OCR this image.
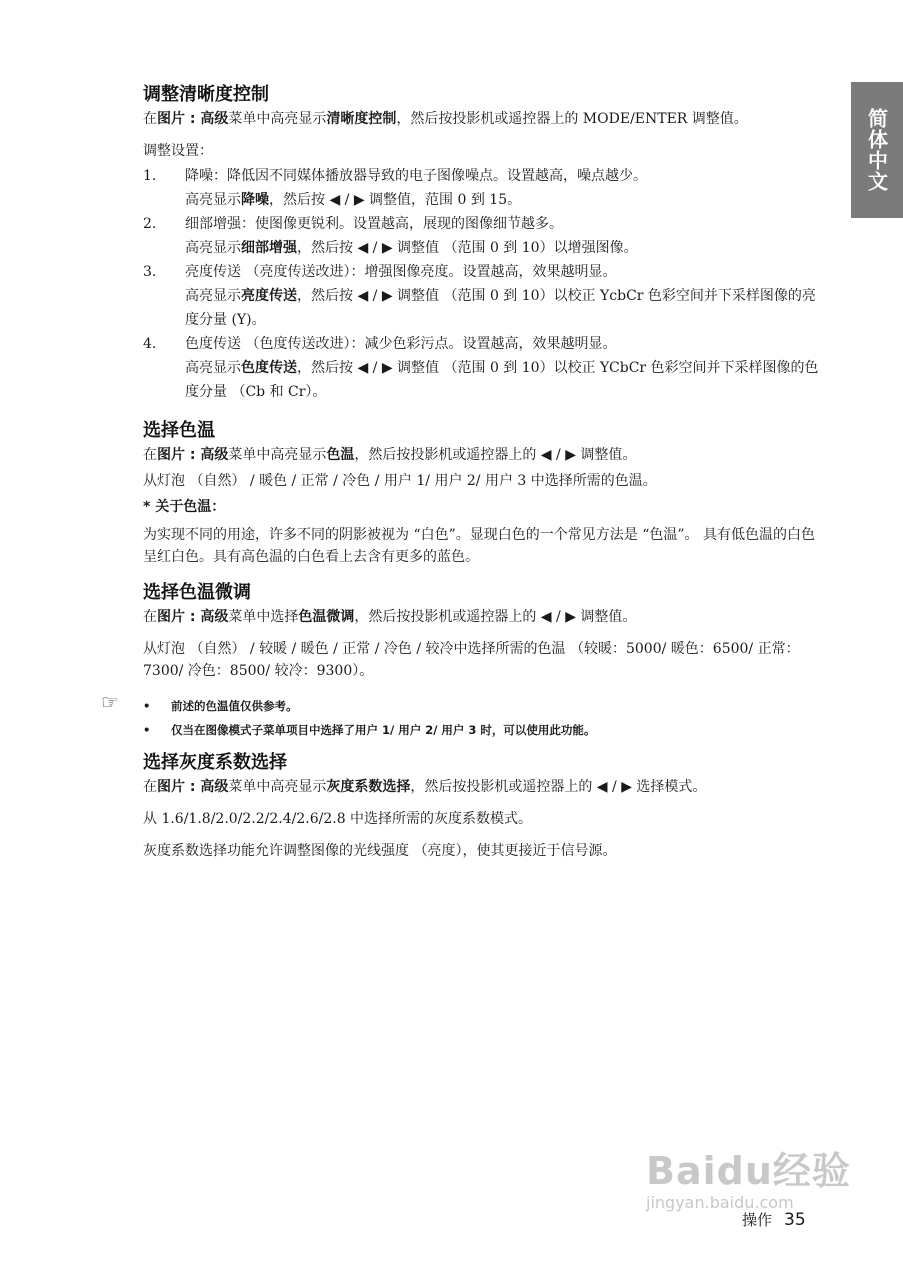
简体中文
调整清晰度控制
在图片 : 高级菜单中高亮显示清晰度控制，然后按投影机或遥控器上的 MODE/ENTER 调整值。
调整设置：
1.	降噪：降低因不同媒体播放器导致的电子图像噪点。设置越高，噪点越少。
高亮显示降噪，然后按 ◀ / ▶ 调整值，范围 0 到 15。
2.	细部增强：使图像更锐利。设置越高，展现的图像细节越多。
高亮显示细部增强，然后按 ◀ / ▶ 调整值 （范围 0 到 10）以增强图像。
3.	亮度传送 （亮度传送改进）：增强图像亮度。设置越高，效果越明显。
高亮显示亮度传送，然后按 ◀ / ▶ 调整值 （范围 0 到 10）以校正 YcbCr 色彩空间并下采样图像的亮度分量 (Y)。
4.	色度传送 （色度传送改进）：减少色彩污点。设置越高，效果越明显。
高亮显示色度传送，然后按 ◀ / ▶ 调整值 （范围 0 到 10）以校正 YCbCr 色彩空间并下采样图像的色度分量 （Cb 和 Cr）。
选择色温
在图片 : 高级菜单中高亮显示色温，然后按投影机或遥控器上的 ◀ / ▶ 调整值。
从灯泡 （自然） / 暖色 / 正常 / 冷色 / 用户 1/ 用户 2/ 用户 3 中选择所需的色温。
* 关于色温：
为实现不同的用途，许多不同的阴影被视为 “白色”。显现白色的一个常见方法是 “色温”。 具有低色温的白色呈红白色。具有高色温的白色看上去含有更多的蓝色。
选择色温微调
在图片 : 高级菜单中选择色温微调，然后按投影机或遥控器上的 ◀ / ▶ 调整值。
从灯泡 （自然） / 较暖 / 暖色 / 正常 / 冷色 / 较冷中选择所需的色温 （较暖：5000/ 暖色：6500/ 正常：7300/ 冷色：8500/ 较冷：9300）。
☞ •	前述的色温值仅供参考。
•	仅当在图像模式子菜单项目中选择了用户 1/ 用户 2/ 用户 3 时，可以使用此功能。
选择灰度系数选择
在图片 : 高级菜单中高亮显示灰度系数选择，然后按投影机或遥控器上的 ◀ / ▶ 选择模式。
从 1.6/1.8/2.0/2.2/2.4/2.6/2.8 中选择所需的灰度系数模式。
灰度系数选择功能允许调整图像的光线强度 （亮度），使其更接近于信号源。
Baidu经验
jingyan.baidu.com
操作 35
